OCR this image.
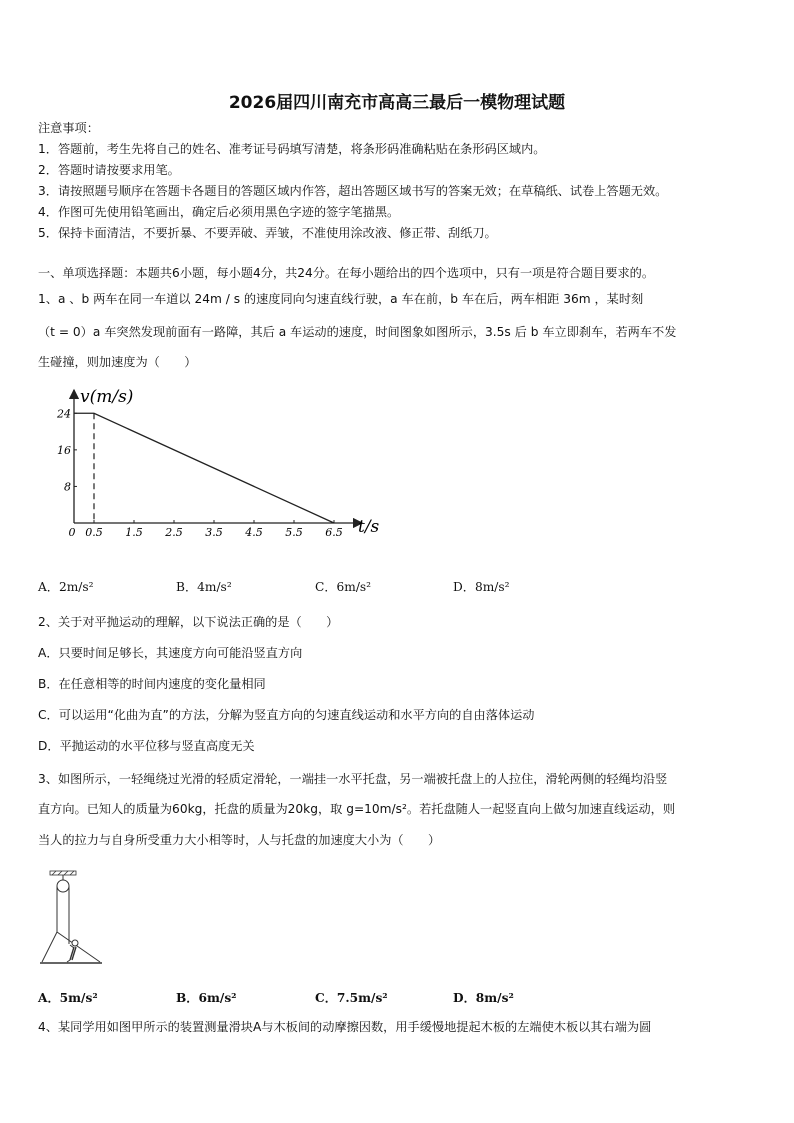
2026届四川南充市高高三最后一模物理试题
注意事项：
1．答题前，考生先将自己的姓名、准考证号码填写清楚，将条形码准确粘贴在条形码区域内。
2．答题时请按要求用笔。
3．请按照题号顺序在答题卡各题目的答题区域内作答，超出答题区域书写的答案无效；在草稿纸、试卷上答题无效。
4．作图可先使用铅笔画出，确定后必须用黑色字迹的签字笔描黑。
5．保持卡面清洁，不要折暴、不要弄破、弄皱，不准使用涂改液、修正带、刮纸刀。
一、单项选择题：本题共6小题，每小题4分，共24分。在每小题给出的四个选项中，只有一项是符合题目要求的。
1、a 、b 两车在同一车道以 24m / s 的速度同向匀速直线行驶，a 车在前，b 车在后，两车相距 36m ，某时刻
（t = 0）a 车突然发现前面有一路障，其后 a 车运动的速度，时间图象如图所示，3.5s 后 b 车立即刹车，若两车不发
生碰撞，则加速度为（　　）
v(m/s)
t/s
24
16
8
0 0.5 1.5 2.5 3.5 4.5 5.5 6.5
A．2m/s²	B．4m/s²	C．6m/s²	D．8m/s²
2、关于对平抛运动的理解，以下说法正确的是（　　）
A．只要时间足够长，其速度方向可能沿竖直方向
B．在任意相等的时间内速度的变化量相同
C．可以运用“化曲为直”的方法，分解为竖直方向的匀速直线运动和水平方向的自由落体运动
D．平抛运动的水平位移与竖直高度无关
3、如图所示，一轻绳绕过光滑的轻质定滑轮，一端挂一水平托盘，另一端被托盘上的人拉住，滑轮两侧的轻绳均沿竖
直方向。已知人的质量为60kg，托盘的质量为20kg，取 g=10m/s²。若托盘随人一起竖直向上做匀加速直线运动，则
当人的拉力与自身所受重力大小相等时，人与托盘的加速度大小为（　　）
A．5m/s²	B．6m/s²	C．7.5m/s²	D．8m/s²
4、某同学用如图甲所示的装置测量滑块A与木板间的动摩擦因数，用手缓慢地提起木板的左端使木板以其右端为圆
